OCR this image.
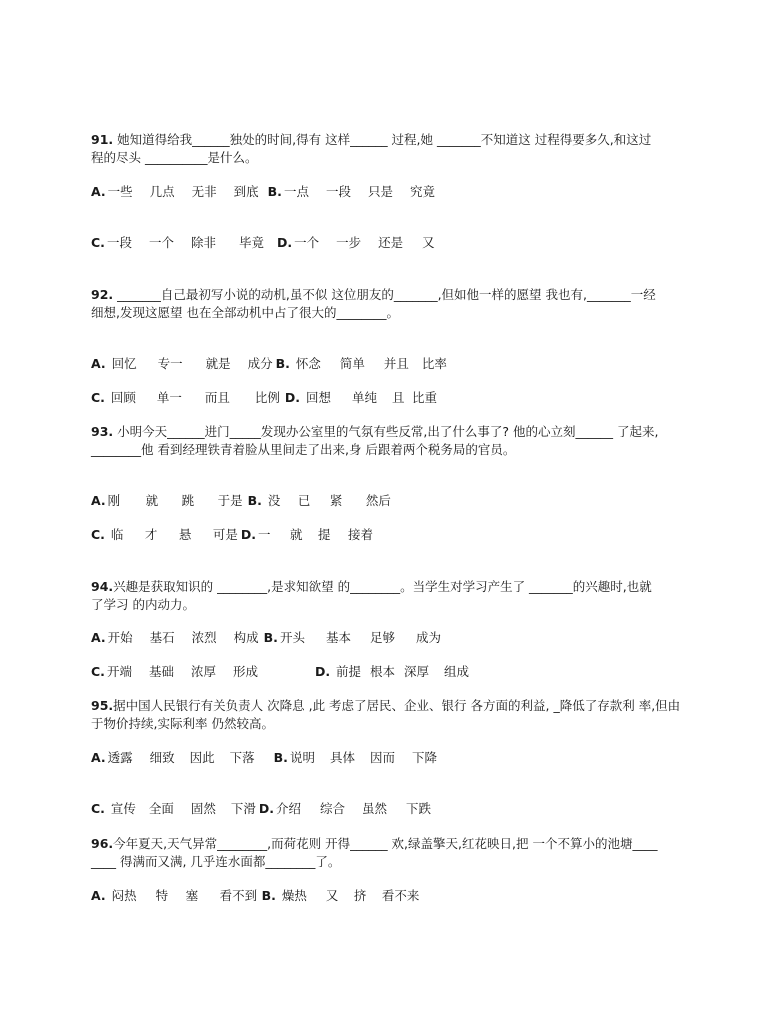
91. 她知道得给我______独处的时间,得有 这样______ 过程,她 _______不知道这 过程得要多久,和这过
程的尽头 __________是什么。
A. 一些 几点 无非 到底 B. 一点 一段 只是 究竟
C. 一段 一个 除非 毕竟 D. 一个 一步 还是 又
92. _______自己最初写小说的动机,虽不似 这位朋友的_______,但如他一样的愿望 我也有,_______一经
细想,发现这愿望 也在全部动机中占了很大的________。
A. 回忆 专一 就是 成分 B. 怀念 简单 并且 比率
C. 回顾 单一 而且 比例 D. 回想 单纯 且 比重
93. 小明今天______进门_____发现办公室里的气氛有些反常,出了什么事了? 他的心立刻______ 了起来,
________他 看到经理铁青着脸从里间走了出来,身 后跟着两个税务局的官员。
A. 刚 就 跳 于是 B. 没 已 紧 然后
C. 临 才 悬 可是 D. 一 就 提 接着
94.兴趣是获取知识的 ________,是求知欲望 的________。当学生对学习产生了 _______的兴趣时,也就
了学习 的内动力。
A. 开始 基石 浓烈 构成 B. 开头 基本 足够 成为
C. 开端 基础 浓厚 形成	D. 前提 根本 深厚 组成
95.据中国人民银行有关负责人 次降息 ,此 考虑了居民、企业、银行 各方面的利益, _降低了存款利 率,但由
于物价持续,实际利率 仍然较高。
A. 透露 细致 因此 下落 B. 说明 具体 因而 下降
C. 宣传 全面 固然 下滑 D. 介绍 综合 虽然 下跌
96.今年夏天,天气异常________,而荷花则 开得______ 欢,绿盖擎天,红花映日,把 一个不算小的池塘____
____ 得满而又满, 几乎连水面都________了。
A. 闷热 特 塞 看不到 B. 燥热 又 挤 看不来
